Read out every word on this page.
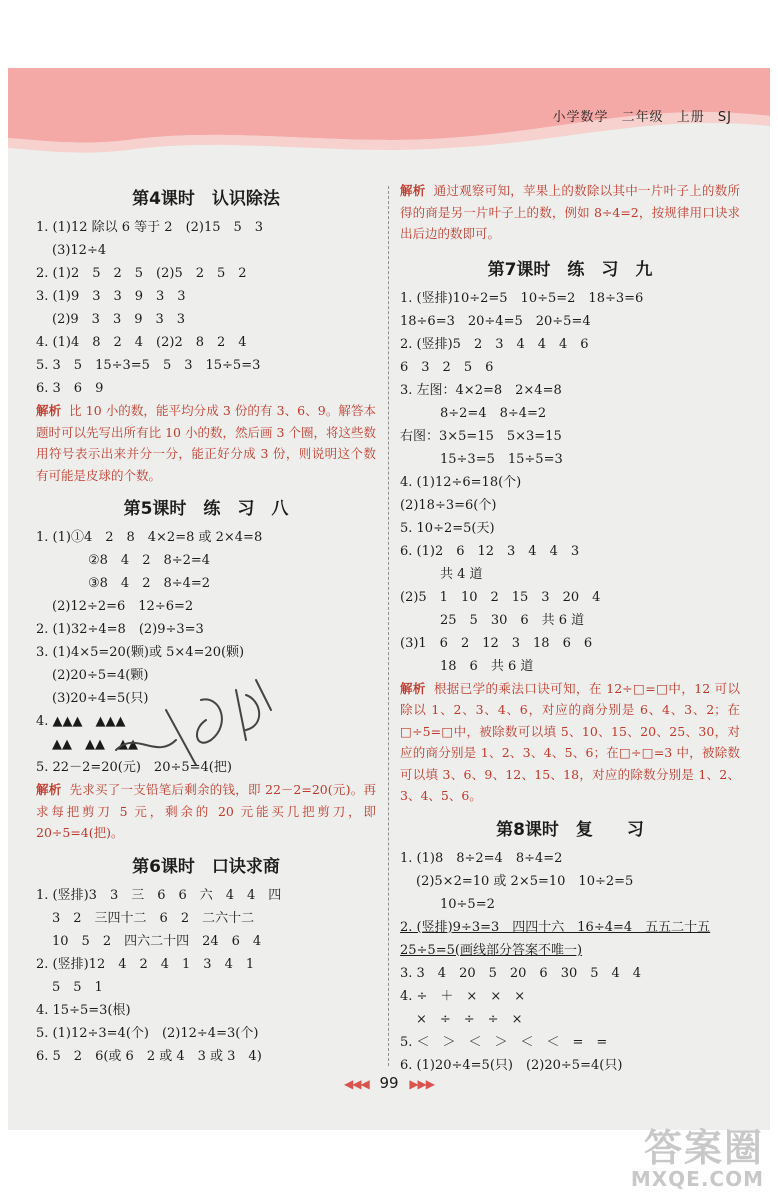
小学数学 二年级 上册 SJ
第4课时　认识除法
1. (1)12 除以 6 等于 2　(2)15　5　3
(3)12÷4
2. (1)2　5　2　5　(2)5　2　5　2
3. (1)9　3　3　9　3　3
(2)9　3　3　9　3　3
4. (1)4　8　2　4　(2)2　8　2　4
5. 3　5　15÷3=5　5　3　15÷5=3
6. 3　6　9

解析 比 10 小的数，能平均分成 3 份的有 3、6、9。解答本题时可以先写出所有比 10 小的数，然后画 3 个圈，将这些数用符号表示出来并分一分，能正好分成 3 份，则说明这个数有可能是皮球的个数。

第5课时　练　习　八
1. (1)①4　2　8　4×2=8 或 2×4=8
②8　4　2　8÷2=4
③8　4　2　8÷4=2
(2)12÷2=6　12÷6=2
2. (1)32÷4=8　(2)9÷3=3
3. (1)4×5=20(颗)或 5×4=20(颗)
(2)20÷5=4(颗)
(3)20÷4=5(只)
4. ▲▲▲　▲▲▲
▲▲　▲▲　▲▲
5. 22－2=20(元)　20÷5=4(把)

解析 先求买了一支铅笔后剩余的钱，即 22－2=20(元)。再求每把剪刀 5 元，剩余的 20 元能买几把剪刀，即 20÷5=4(把)。

第6课时　口诀求商
1. (竖排)3　3　三　6　6　六　4　4　四
3　2　三四十二　6　2　二六十二
10　5　2　四六二十四　24　6　4
2. (竖排)12　4　2　4　1　3　4　1
5　5　1
4. 15÷5=3(根)
5. (1)12÷3=4(个)　(2)12÷4=3(个)
6. 5　2　6(或 6　2 或 4　3 或 3　4)

解析 通过观察可知，苹果上的数除以其中一片叶子上的数所得的商是另一片叶子上的数，例如 8÷4=2，按规律用口诀求出后边的数即可。

第7课时　练　习　九
1. (竖排)10÷2=5　10÷5=2　18÷3=6
18÷6=3　20÷4=5　20÷5=4
2. (竖排)5　2　3　4　4　4　6
6　3　2　5　6
3. 左图：4×2=8　2×4=8
8÷2=4　8÷4=2
右图：3×5=15　5×3=15
15÷3=5　15÷5=3
4. (1)12÷6=18(个)
(2)18÷3=6(个)
5. 10÷2=5(天)
6. (1)2　6　12　3　4　4　3
共 4 道
(2)5　1　10　2　15　3　20　4
25　5　30　6　共 6 道
(3)1　6　2　12　3　18　6　6
18　6　共 6 道

解析 根据已学的乘法口诀可知，在 12÷□=□中，12 可以除以 1、2、3、4、6，对应的商分别是 6、4、3、2；在□÷5=□中，被除数可以填 5、10、15、20、25、30，对应的商分别是 1、2、3、4、5、6；在□÷□=3 中，被除数可以填 3、6、9、12、15、18，对应的除数分别是 1、2、3、4、5、6。

第8课时　复　　习
1. (1)8　8÷2=4　8÷4=2
(2)5×2=10 或 2×5=10　10÷2=5
10÷5=2
2. (竖排)9÷3=3　四四十六　16÷4=4　五五二十五
25÷5=5(画线部分答案不唯一)
3. 3　4　20　5　20　6　30　5　4　4
4. ÷　＋　×　×　×
×　÷　÷　÷　×
5. ＜　＞　＜　＞　＜　＜　=　=
6. (1)20÷4=5(只)　(2)20÷5=4(只)
◀◀◀ 99 ▶▶▶
答案圈
MXQE.COM
